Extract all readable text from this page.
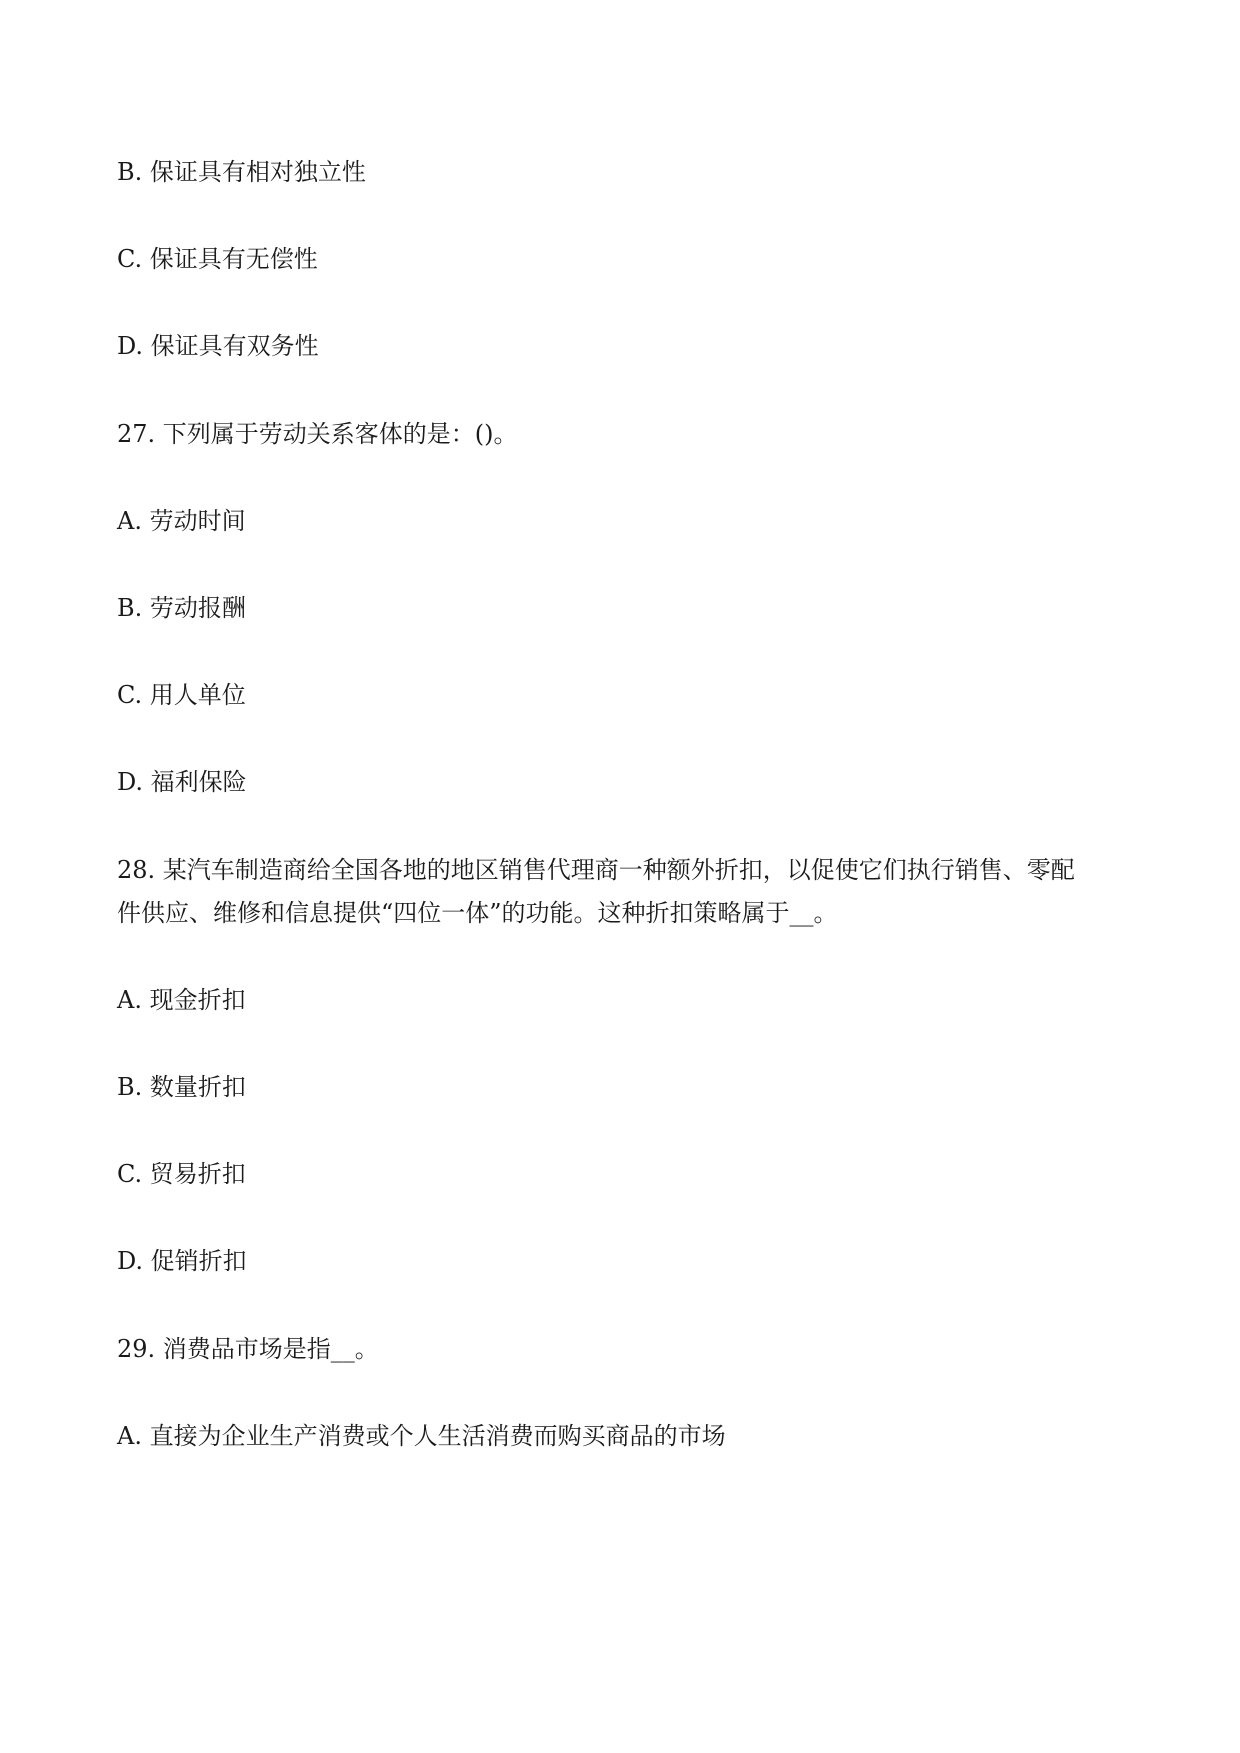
B. 保证具有相对独立性
C. 保证具有无偿性
D. 保证具有双务性
27. 下列属于劳动关系客体的是：()。
A. 劳动时间
B. 劳动报酬
C. 用人单位
D. 福利保险
28. 某汽车制造商给全国各地的地区销售代理商一种额外折扣，以促使它们执行销售、零配
件供应、维修和信息提供“四位一体”的功能。这种折扣策略属于__。
A. 现金折扣
B. 数量折扣
C. 贸易折扣
D. 促销折扣
29. 消费品市场是指__。
A. 直接为企业生产消费或个人生活消费而购买商品的市场
